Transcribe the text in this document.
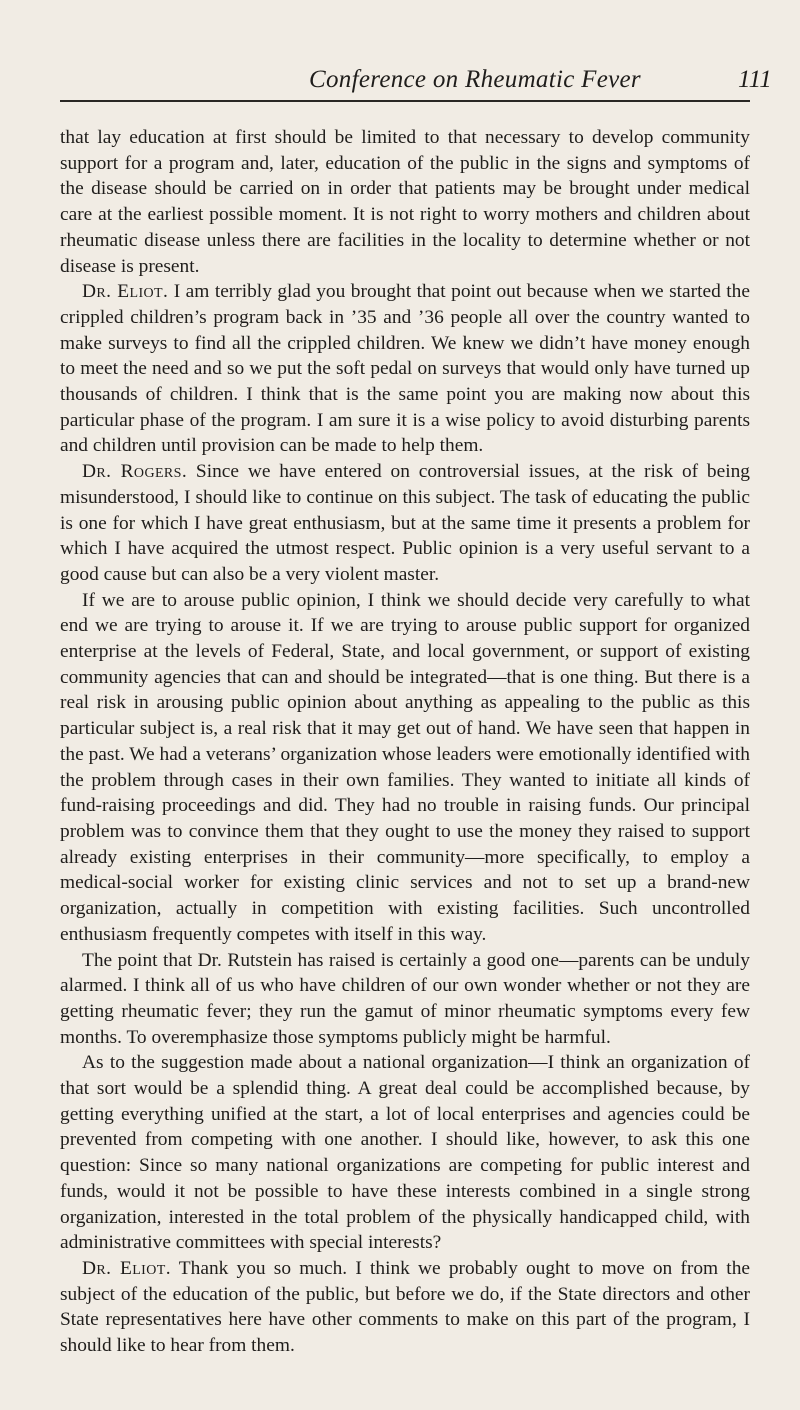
Conference on Rheumatic Fever	111

that lay education at first should be limited to that necessary to develop community support for a program and, later, education of the public in the signs and symptoms of the disease should be carried on in order that patients may be brought under medical care at the earliest possible moment. It is not right to worry mothers and children about rheumatic disease unless there are facilities in the locality to determine whether or not disease is present.

Dr. Eliot. I am terribly glad you brought that point out because when we started the crippled children’s program back in ’35 and ’36 people all over the country wanted to make surveys to find all the crippled children. We knew we didn’t have money enough to meet the need and so we put the soft pedal on surveys that would only have turned up thousands of children. I think that is the same point you are making now about this particular phase of the program. I am sure it is a wise policy to avoid disturbing parents and children until provision can be made to help them.

Dr. Rogers. Since we have entered on controversial issues, at the risk of being misunderstood, I should like to continue on this subject. The task of educating the public is one for which I have great enthusiasm, but at the same time it presents a problem for which I have acquired the utmost respect. Public opinion is a very useful servant to a good cause but can also be a very violent master.

If we are to arouse public opinion, I think we should decide very carefully to what end we are trying to arouse it. If we are trying to arouse public support for organized enterprise at the levels of Federal, State, and local government, or support of existing community agencies that can and should be integrated—that is one thing. But there is a real risk in arousing public opinion about anything as appealing to the public as this particular subject is, a real risk that it may get out of hand. We have seen that happen in the past. We had a veterans’ organization whose leaders were emotionally identified with the problem through cases in their own families. They wanted to initiate all kinds of fund-raising proceedings and did. They had no trouble in raising funds. Our principal problem was to convince them that they ought to use the money they raised to support already existing enterprises in their community—more specifically, to employ a medical-social worker for existing clinic services and not to set up a brand-new organization, actually in competition with existing facilities. Such uncontrolled enthusiasm frequently competes with itself in this way.

The point that Dr. Rutstein has raised is certainly a good one—parents can be unduly alarmed. I think all of us who have children of our own wonder whether or not they are getting rheumatic fever; they run the gamut of minor rheumatic symptoms every few months. To overemphasize those symptoms publicly might be harmful.

As to the suggestion made about a national organization—I think an organization of that sort would be a splendid thing. A great deal could be accomplished because, by getting everything unified at the start, a lot of local enterprises and agencies could be prevented from competing with one another. I should like, however, to ask this one question: Since so many national organizations are competing for public interest and funds, would it not be possible to have these interests combined in a single strong organization, interested in the total problem of the physically handicapped child, with administrative committees with special interests?

Dr. Eliot. Thank you so much. I think we probably ought to move on from the subject of the education of the public, but before we do, if the State directors and other State representatives here have other comments to make on this part of the program, I should like to hear from them.
